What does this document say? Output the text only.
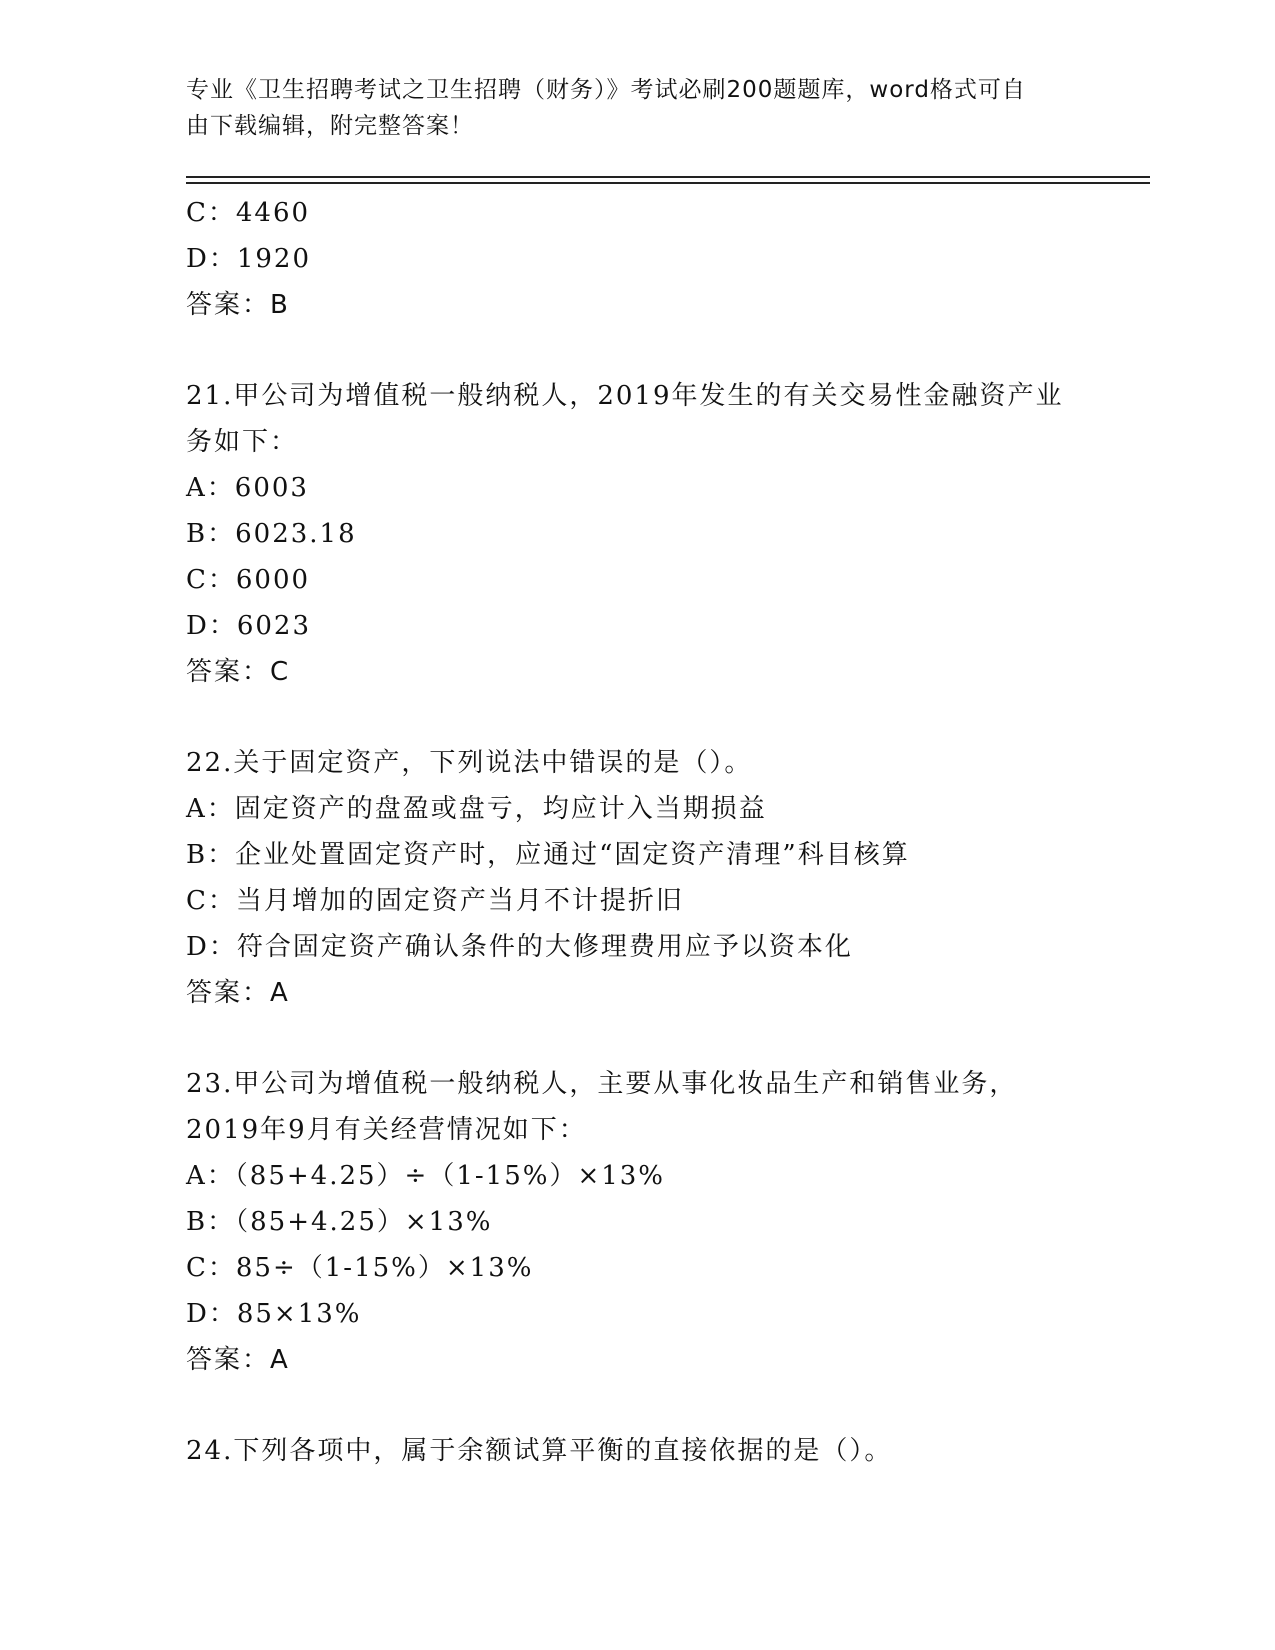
专业《卫生招聘考试之卫生招聘（财务）》考试必刷200题题库，word格式可自
由下载编辑，附完整答案！
C：4460
D：1920
答案：B
21.甲公司为增值税一般纳税人，2019年发生的有关交易性金融资产业
务如下：
A：6003
B：6023.18
C：6000
D：6023
答案：C
22.关于固定资产，下列说法中错误的是（）。
A：固定资产的盘盈或盘亏，均应计入当期损益
B：企业处置固定资产时，应通过“固定资产清理”科目核算
C：当月增加的固定资产当月不计提折旧
D：符合固定资产确认条件的大修理费用应予以资本化
答案：A
23.甲公司为增值税一般纳税人，主要从事化妆品生产和销售业务，
2019年9月有关经营情况如下：
A：（85+4.25）÷（1-15%）×13%
B：（85+4.25）×13%
C：85÷（1-15%）×13%
D：85×13%
答案：A
24.下列各项中，属于余额试算平衡的直接依据的是（）。
